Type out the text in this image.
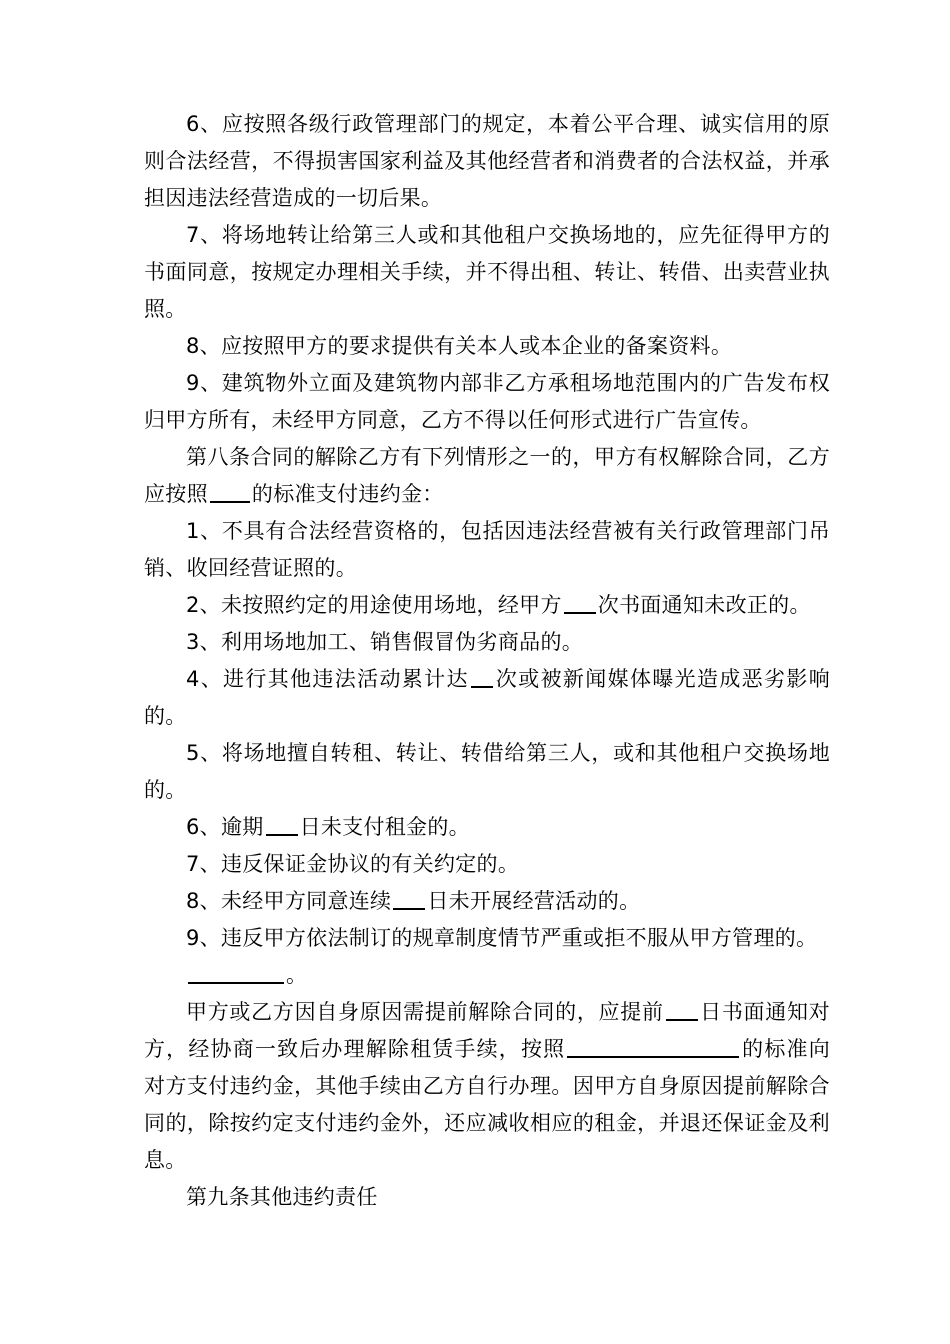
6、应按照各级行政管理部门的规定，本着公平合理、诚实信用的原则合法经营，不得损害国家利益及其他经营者和消费者的合法权益，并承担因违法经营造成的一切后果。

7、将场地转让给第三人或和其他租户交换场地的，应先征得甲方的书面同意，按规定办理相关手续，并不得出租、转让、转借、出卖营业执照。

8、应按照甲方的要求提供有关本人或本企业的备案资料。

9、建筑物外立面及建筑物内部非乙方承租场地范围内的广告发布权归甲方所有，未经甲方同意，乙方不得以任何形式进行广告宣传。

第八条合同的解除乙方有下列情形之一的，甲方有权解除合同，乙方应按照 的标准支付违约金：

1、不具有合法经营资格的，包括因违法经营被有关行政管理部门吊销、收回经营证照的。

2、未按照约定的用途使用场地，经甲方 次书面通知未改正的。

3、利用场地加工、销售假冒伪劣商品的。

4、进行其他违法活动累计达 次或被新闻媒体曝光造成恶劣影响的。

5、将场地擅自转租、转让、转借给第三人，或和其他租户交换场地的。

6、逾期 日未支付租金的。

7、违反保证金协议的有关约定的。

8、未经甲方同意连续 日未开展经营活动的。

9、违反甲方依法制订的规章制度情节严重或拒不服从甲方管理的。

。

甲方或乙方因自身原因需提前解除合同的，应提前 日书面通知对方，经协商一致后办理解除租赁手续，按照	的标准向对方支付违约金，其他手续由乙方自行办理。因甲方自身原因提前解除合同的，除按约定支付违约金外，还应减收相应的租金，并退还保证金及利息。

第九条其他违约责任
